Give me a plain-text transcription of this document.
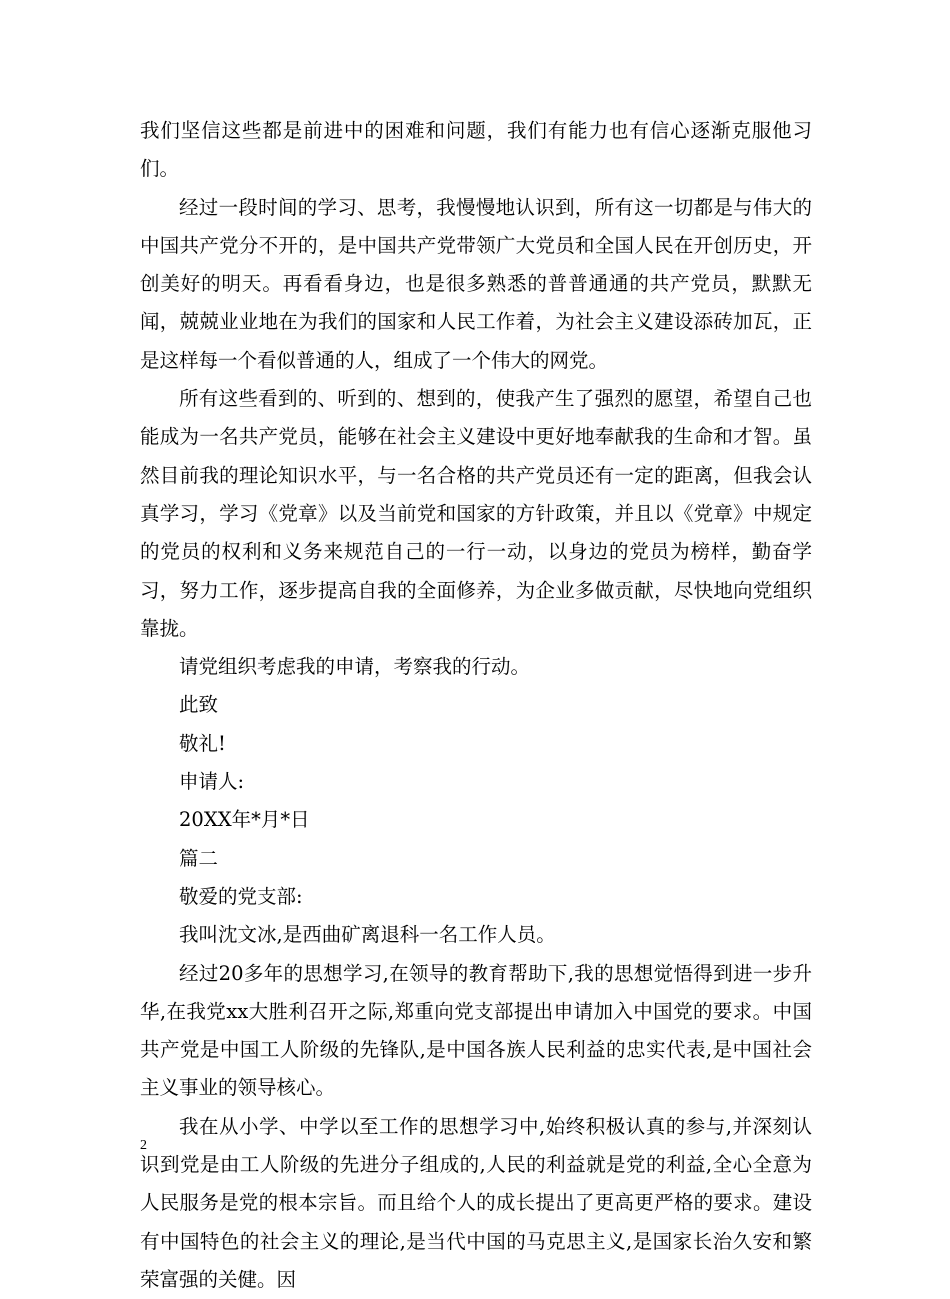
我们坚信这些都是前进中的困难和问题，我们有能力也有信心逐渐克服他习们。

经过一段时间的学习、思考，我慢慢地认识到，所有这一切都是与伟大的中国共产党分不开的，是中国共产党带领广大党员和全国人民在开创历史，开创美好的明天。再看看身边，也是很多熟悉的普普通通的共产党员，默默无闻，兢兢业业地在为我们的国家和人民工作着，为社会主义建设添砖加瓦，正是这样每一个看似普通的人，组成了一个伟大的网党。

所有这些看到的、听到的、想到的，使我产生了强烈的愿望，希望自己也能成为一名共产党员，能够在社会主义建设中更好地奉献我的生命和才智。虽然目前我的理论知识水平，与一名合格的共产党员还有一定的距离，但我会认真学习，学习《党章》以及当前党和国家的方针政策，并且以《党章》中规定的党员的权利和义务来规范自己的一行一动，以身边的党员为榜样，勤奋学习，努力工作，逐步提高自我的全面修养，为企业多做贡献，尽快地向党组织靠拢。

请党组织考虑我的申请，考察我的行动。

此致

敬礼!

申请人:

20XX年*月*日

篇二

敬爱的党支部:

我叫沈文冰,是西曲矿离退科一名工作人员。

经过20多年的思想学习,在领导的教育帮助下,我的思想觉悟得到进一步升华,在我党xx大胜利召开之际,郑重向党支部提出申请加入中国党的要求。中国共产党是中国工人阶级的先锋队,是中国各族人民利益的忠实代表,是中国社会主义事业的领导核心。

我在从小学、中学以至工作的思想学习中,始终积极认真的参与,并深刻认识到党是由工人阶级的先进分子组成的,人民的利益就是党的利益,全心全意为人民服务是党的根本宗旨。而且给个人的成长提出了更高更严格的要求。建设有中国特色的社会主义的理论,是当代中国的马克思主义,是国家长治久安和繁荣富强的关健。因

2
